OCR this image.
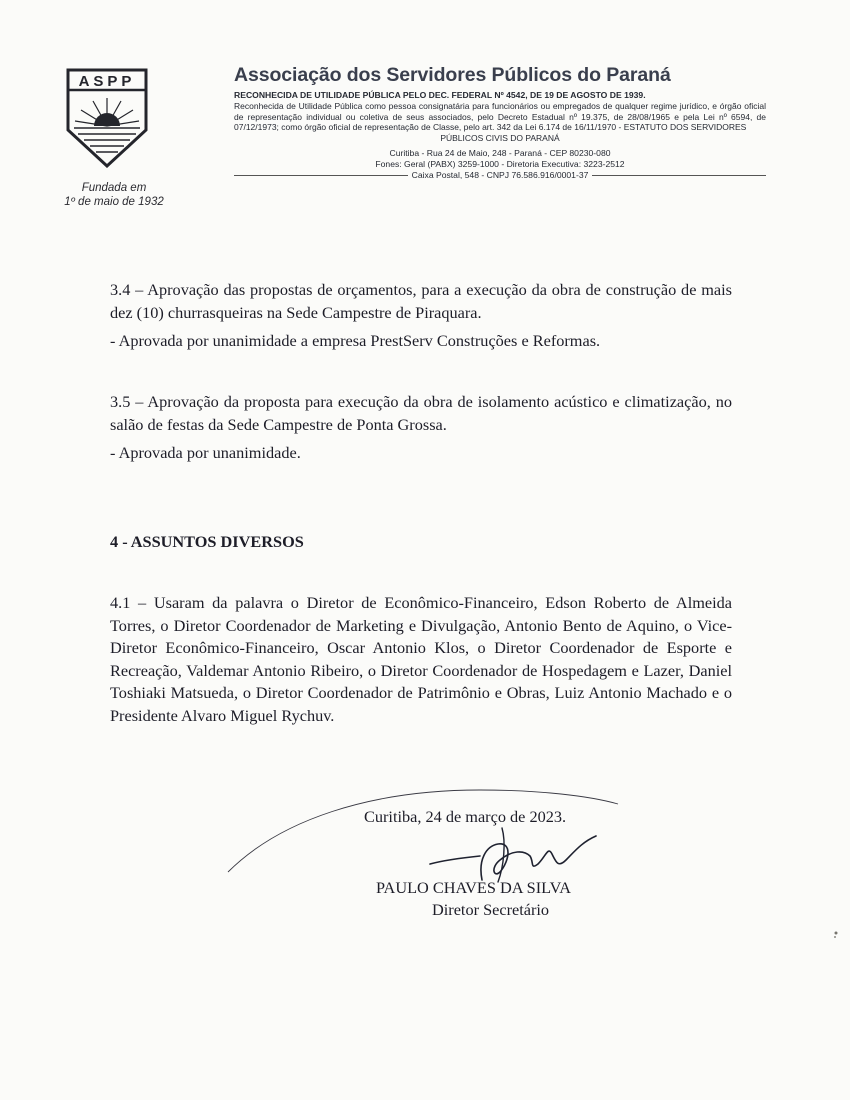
ASPP
Fundada em
1º de maio de 1932
Associação dos Servidores Públicos do Paraná
RECONHECIDA DE UTILIDADE PÚBLICA PELO DEC. FEDERAL Nº 4542, DE 19 DE AGOSTO DE 1939.
Reconhecida de Utilidade Pública como pessoa consignatária para funcionários ou empregados de qualquer regime jurídico, e órgão oficial de representação individual ou coletiva de seus associados, pelo Decreto Estadual nº 19.375, de 28/08/1965 e pela Lei nº 6594, de 07/12/1973; como órgão oficial de representação de Classe, pelo art. 342 da Lei 6.174 de 16/11/1970 - ESTATUTO DOS SERVIDORES
PÚBLICOS CIVIS DO PARANÁ
Curitiba - Rua 24 de Maio, 248 - Paraná - CEP 80230-080
Fones: Geral (PABX) 3259-1000 - Diretoria Executiva: 3223-2512
Caixa Postal, 548 - CNPJ 76.586.916/0001-37

3.4 – Aprovação das propostas de orçamentos, para a execução da obra de construção de mais dez (10) churrasqueiras na Sede Campestre de Piraquara.

- Aprovada por unanimidade a empresa PrestServ Construções e Reformas.

3.5 – Aprovação da proposta para execução da obra de isolamento acústico e climatização, no salão de festas da Sede Campestre de Ponta Grossa.

- Aprovada por unanimidade.

4 - ASSUNTOS DIVERSOS

4.1 – Usaram da palavra o Diretor de Econômico-Financeiro, Edson Roberto de Almeida Torres, o Diretor Coordenador de Marketing e Divulgação, Antonio Bento de Aquino, o Vice-Diretor Econômico-Financeiro, Oscar Antonio Klos, o Diretor Coordenador de Esporte e Recreação, Valdemar Antonio Ribeiro, o Diretor Coordenador de Hospedagem e Lazer, Daniel Toshiaki Matsueda, o Diretor Coordenador de Patrimônio e Obras, Luiz Antonio Machado e o Presidente Alvaro Miguel Rychuv.

Curitiba, 24 de março de 2023.
PAULO CHAVES DA SILVA
Diretor Secretário
